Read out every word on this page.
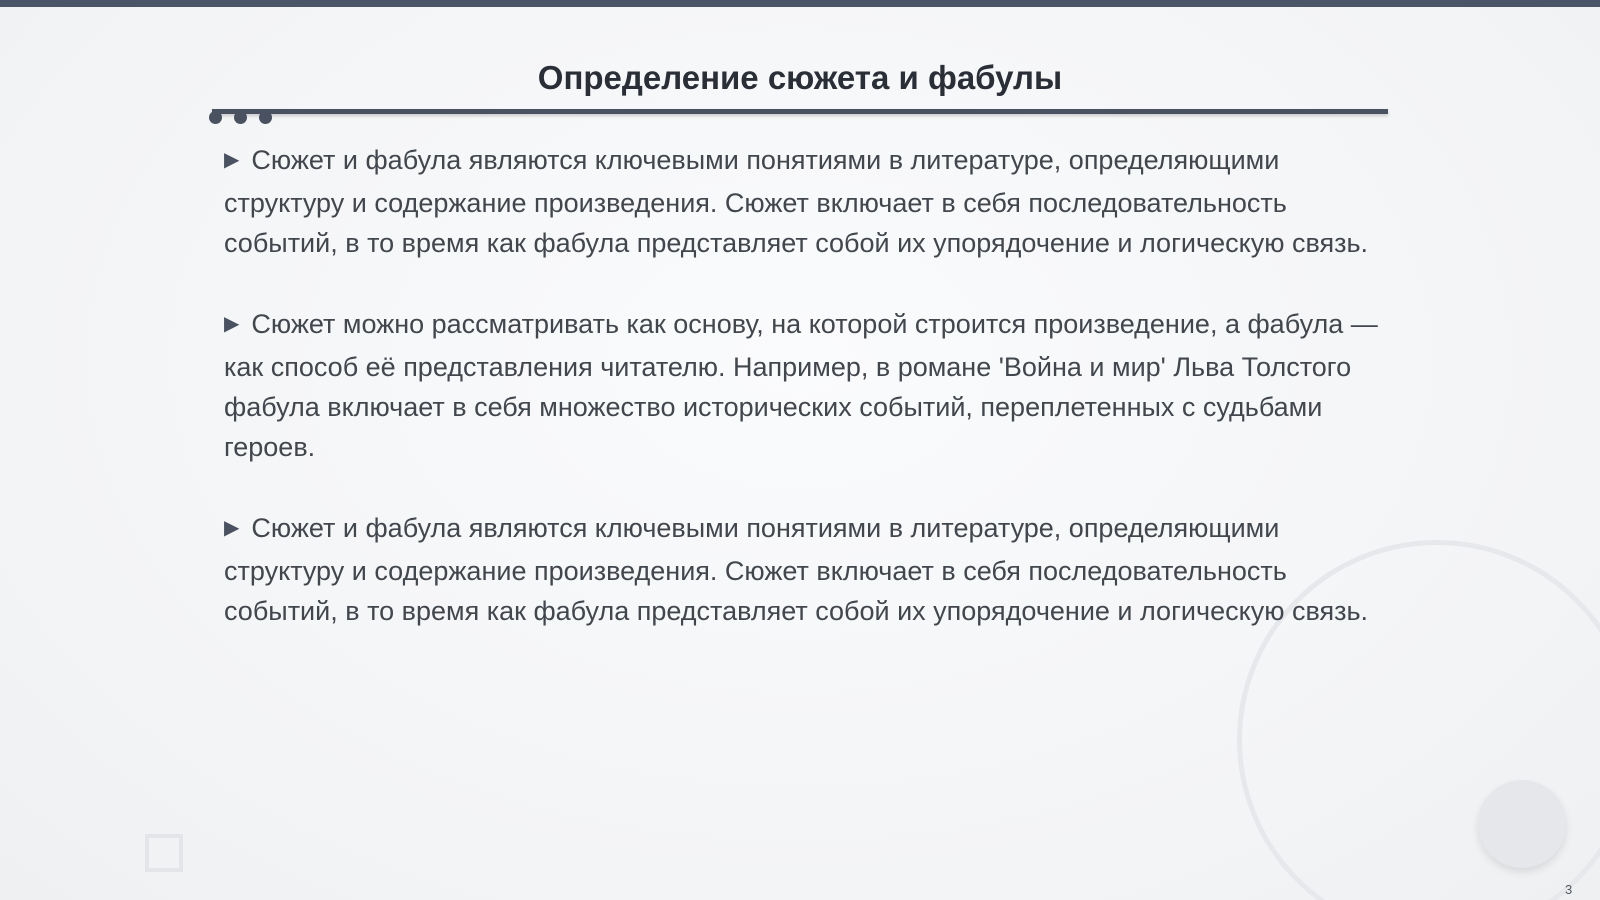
Определение сюжета и фабулы

▶ Сюжет и фабула являются ключевыми понятиями в литературе, определяющими структуру и содержание произведения. Сюжет включает в себя последовательность событий, в то время как фабула представляет собой их упорядочение и логическую связь.

▶ Сюжет можно рассматривать как основу, на которой строится произведение, а фабула — как способ её представления читателю. Например, в романе 'Война и мир' Льва Толстого фабула включает в себя множество исторических событий, переплетенных с судьбами героев.

▶ Сюжет и фабула являются ключевыми понятиями в литературе, определяющими структуру и содержание произведения. Сюжет включает в себя последовательность событий, в то время как фабула представляет собой их упорядочение и логическую связь.

3
